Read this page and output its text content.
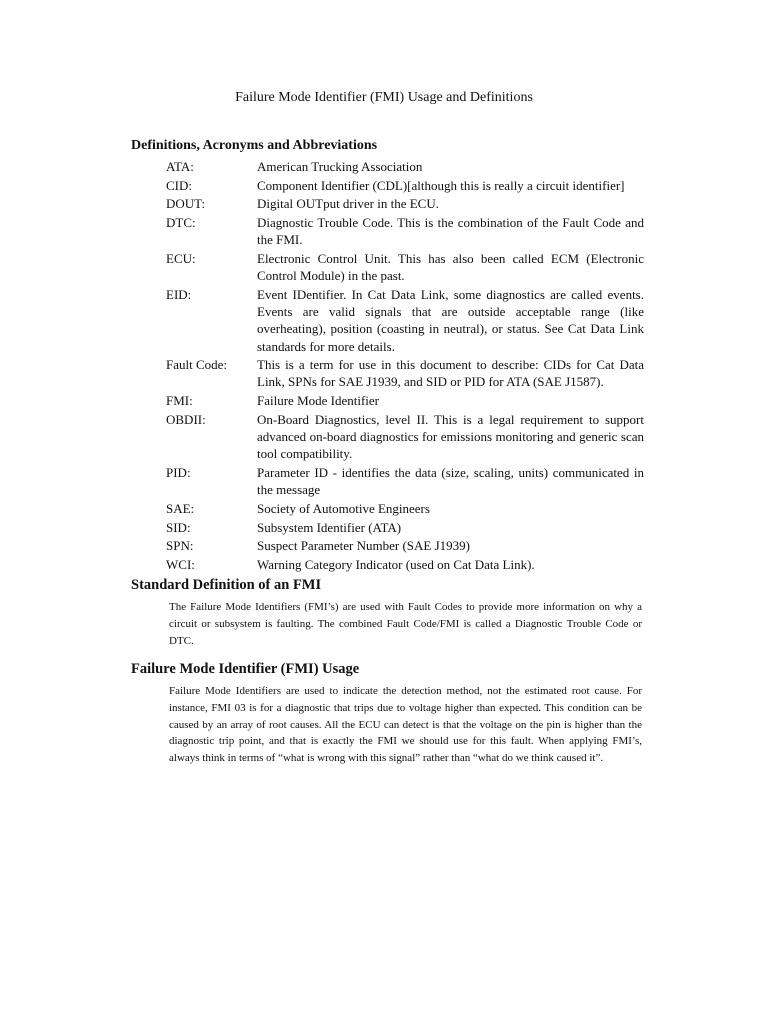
Failure Mode Identifier (FMI) Usage and Definitions
Definitions, Acronyms and Abbreviations
ATA:	American Trucking Association
CID:	Component Identifier (CDL)[although this is really a circuit identifier]
DOUT:	Digital OUTput driver in the ECU.
DTC:	Diagnostic Trouble Code. This is the combination of the Fault Code and the FMI.
ECU:	Electronic Control Unit. This has also been called ECM (Electronic Control Module) in the past.
EID:	Event IDentifier. In Cat Data Link, some diagnostics are called events. Events are valid signals that are outside acceptable range (like overheating), position (coasting in neutral), or status. See Cat Data Link standards for more details.
Fault Code:	This is a term for use in this document to describe: CIDs for Cat Data Link, SPNs for SAE J1939, and SID or PID for ATA (SAE J1587).
FMI:	Failure Mode Identifier
OBDII:	On-Board Diagnostics, level II. This is a legal requirement to support advanced on-board diagnostics for emissions monitoring and generic scan tool compatibility.
PID:	Parameter ID - identifies the data (size, scaling, units) communicated in the message
SAE:	Society of Automotive Engineers
SID:	Subsystem Identifier (ATA)
SPN:	Suspect Parameter Number (SAE J1939)
WCI:	Warning Category Indicator (used on Cat Data Link).
Standard Definition of an FMI

The Failure Mode Identifiers (FMI’s) are used with Fault Codes to provide more information on why a circuit or subsystem is faulting. The combined Fault Code/FMI is called a Diagnostic Trouble Code or DTC.

Failure Mode Identifier (FMI) Usage

Failure Mode Identifiers are used to indicate the detection method, not the estimated root cause. For instance, FMI 03 is for a diagnostic that trips due to voltage higher than expected. This condition can be caused by an array of root causes. All the ECU can detect is that the voltage on the pin is higher than the diagnostic trip point, and that is exactly the FMI we should use for this fault. When applying FMI’s, always think in terms of “what is wrong with this signal” rather than “what do we think caused it”.
